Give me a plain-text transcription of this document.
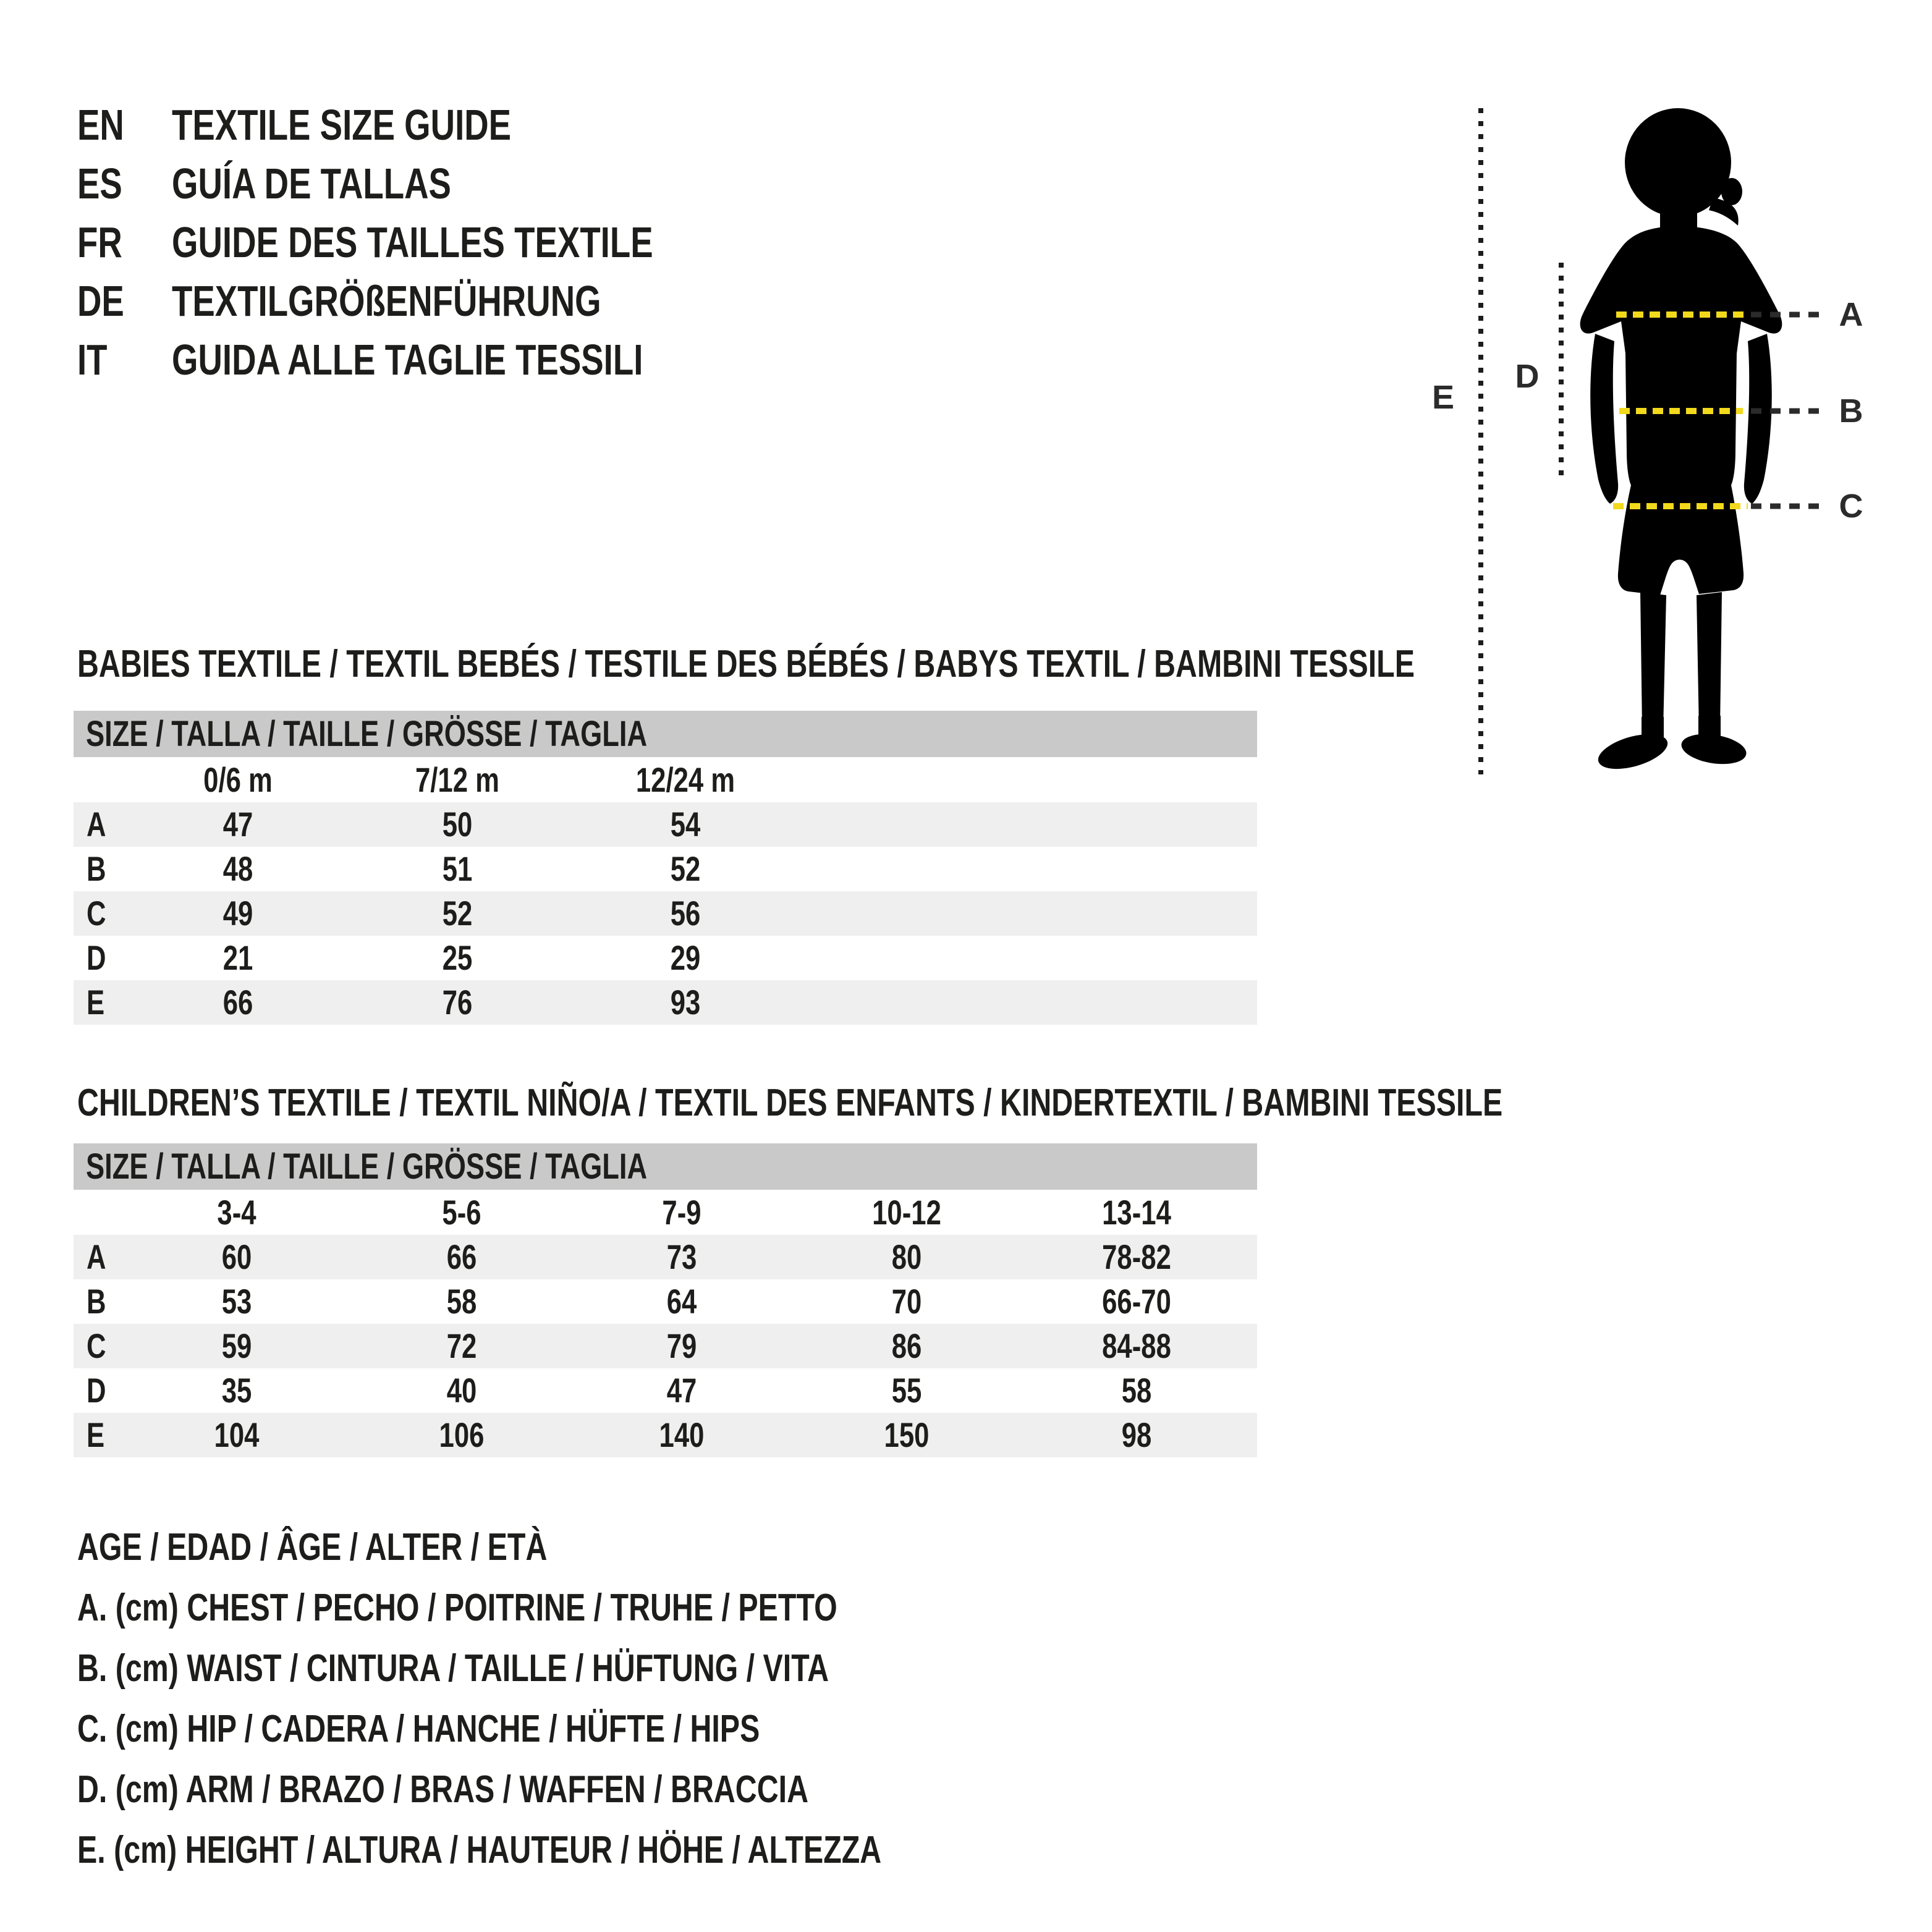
EN TEXTILE SIZE GUIDE
ES GUÍA DE TALLAS
FR GUIDE DES TAILLES TEXTILE
DE TEXTILGRÖßENFÜHRUNG
IT GUIDA ALLE TAGLIE TESSILI
A
B
C
D
E
BABIES TEXTILE / TEXTIL BEBÉS / TESTILE DES BÉBÉS / BABYS TEXTIL / BAMBINI TESSILE
SIZE / TALLA / TAILLE / GRÖSSE / TAGLIA
0/6 m	7/12 m	12/24 m
A	47	50	54
B	48	51	52
C	49	52	56
D	21	25	29
E	66	76	93
CHILDREN’S TEXTILE / TEXTIL NIÑO/A / TEXTIL DES ENFANTS / KINDERTEXTIL / BAMBINI TESSILE
SIZE / TALLA / TAILLE / GRÖSSE / TAGLIA
3-4	5-6	7-9	10-12	13-14
A	60	66	73	80	78-82
B	53	58	64	70	66-70
C	59	72	79	86	84-88
D	35	40	47	55	58
E	104	106	140	150	98
AGE / EDAD / ÂGE / ALTER / ETÀ
A. (cm) CHEST / PECHO / POITRINE / TRUHE / PETTO
B. (cm) WAIST / CINTURA / TAILLE / HÜFTUNG / VITA
C. (cm) HIP / CADERA / HANCHE / HÜFTE / HIPS
D. (cm) ARM / BRAZO / BRAS / WAFFEN / BRACCIA
E. (cm) HEIGHT / ALTURA / HAUTEUR / HÖHE / ALTEZZA
